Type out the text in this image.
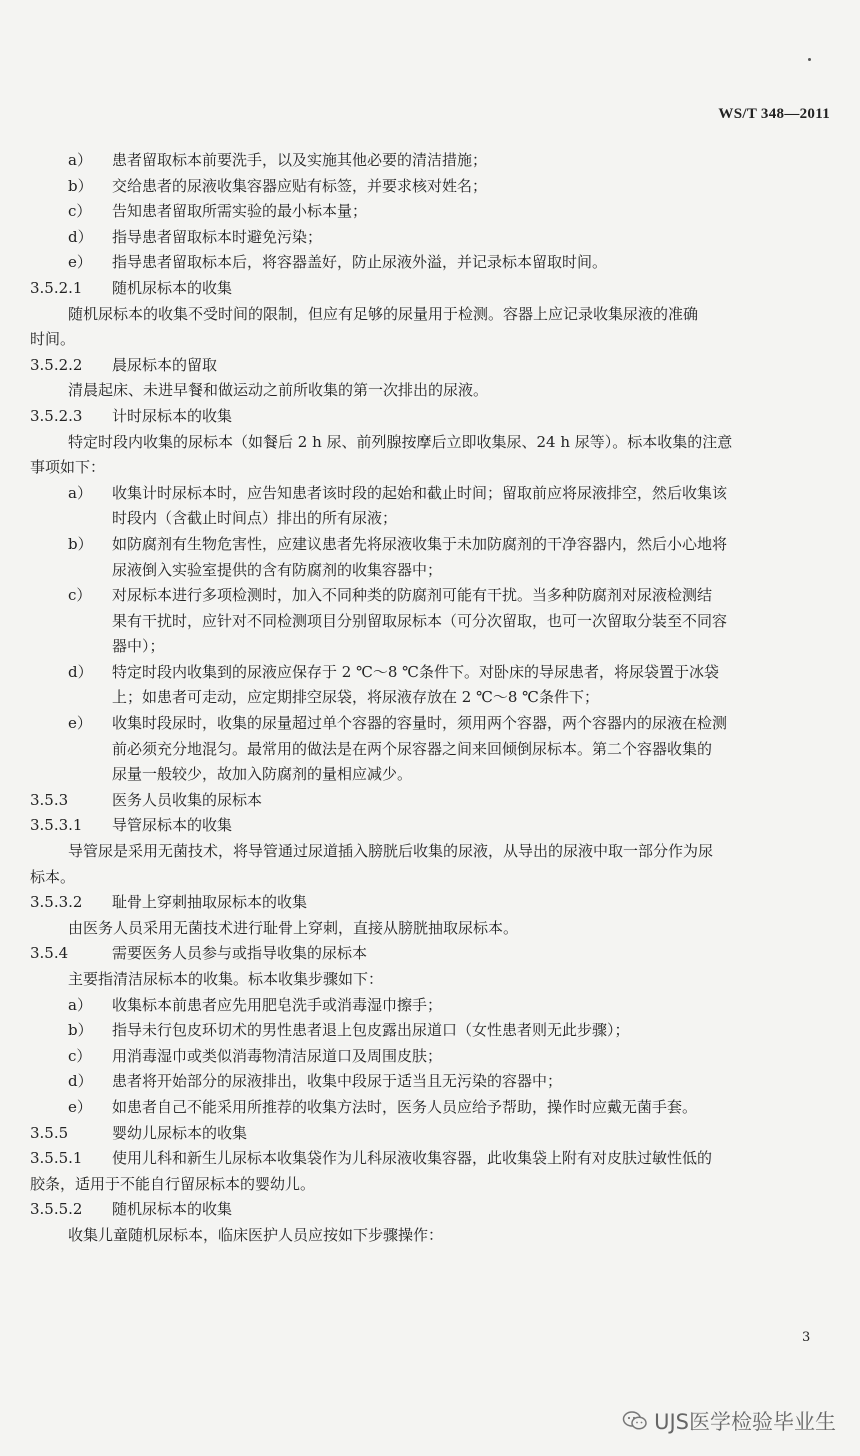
WS/T 348—2011
a）	患者留取标本前要洗手，以及实施其他必要的清洁措施；
b）	交给患者的尿液收集容器应贴有标签，并要求核对姓名；
c）	告知患者留取所需实验的最小标本量；
d）	指导患者留取标本时避免污染；
e）	指导患者留取标本后，将容器盖好，防止尿液外溢，并记录标本留取时间。
3.5.2.1	随机尿标本的收集
随机尿标本的收集不受时间的限制，但应有足够的尿量用于检测。容器上应记录收集尿液的准确
时间。
3.5.2.2	晨尿标本的留取
清晨起床、未进早餐和做运动之前所收集的第一次排出的尿液。
3.5.2.3	计时尿标本的收集
特定时段内收集的尿标本（如餐后 2 h 尿、前列腺按摩后立即收集尿、24 h 尿等）。标本收集的注意
事项如下：
a）	收集计时尿标本时，应告知患者该时段的起始和截止时间；留取前应将尿液排空，然后收集该
时段内（含截止时间点）排出的所有尿液；
b）	如防腐剂有生物危害性，应建议患者先将尿液收集于未加防腐剂的干净容器内，然后小心地将
尿液倒入实验室提供的含有防腐剂的收集容器中；
c）	对尿标本进行多项检测时，加入不同种类的防腐剂可能有干扰。当多种防腐剂对尿液检测结
果有干扰时，应针对不同检测项目分别留取尿标本（可分次留取，也可一次留取分装至不同容
器中）；
d）	特定时段内收集到的尿液应保存于 2 ℃～8 ℃条件下。对卧床的导尿患者，将尿袋置于冰袋
上；如患者可走动，应定期排空尿袋，将尿液存放在 2 ℃～8 ℃条件下；
e）	收集时段尿时，收集的尿量超过单个容器的容量时，须用两个容器，两个容器内的尿液在检测
前必须充分地混匀。最常用的做法是在两个尿容器之间来回倾倒尿标本。第二个容器收集的
尿量一般较少，故加入防腐剂的量相应减少。
3.5.3	医务人员收集的尿标本
3.5.3.1	导管尿标本的收集
导管尿是采用无菌技术，将导管通过尿道插入膀胱后收集的尿液，从导出的尿液中取一部分作为尿
标本。
3.5.3.2	耻骨上穿刺抽取尿标本的收集
由医务人员采用无菌技术进行耻骨上穿刺，直接从膀胱抽取尿标本。
3.5.4	需要医务人员参与或指导收集的尿标本
主要指清洁尿标本的收集。标本收集步骤如下：
a）	收集标本前患者应先用肥皂洗手或消毒湿巾擦手；
b）	指导未行包皮环切术的男性患者退上包皮露出尿道口（女性患者则无此步骤）；
c）	用消毒湿巾或类似消毒物清洁尿道口及周围皮肤；
d）	患者将开始部分的尿液排出，收集中段尿于适当且无污染的容器中；
e）	如患者自己不能采用所推荐的收集方法时，医务人员应给予帮助，操作时应戴无菌手套。
3.5.5	婴幼儿尿标本的收集
3.5.5.1	使用儿科和新生儿尿标本收集袋作为儿科尿液收集容器，此收集袋上附有对皮肤过敏性低的
胶条，适用于不能自行留尿标本的婴幼儿。
3.5.5.2	随机尿标本的收集
收集儿童随机尿标本，临床医护人员应按如下步骤操作：
3
UJS医学检验毕业生
